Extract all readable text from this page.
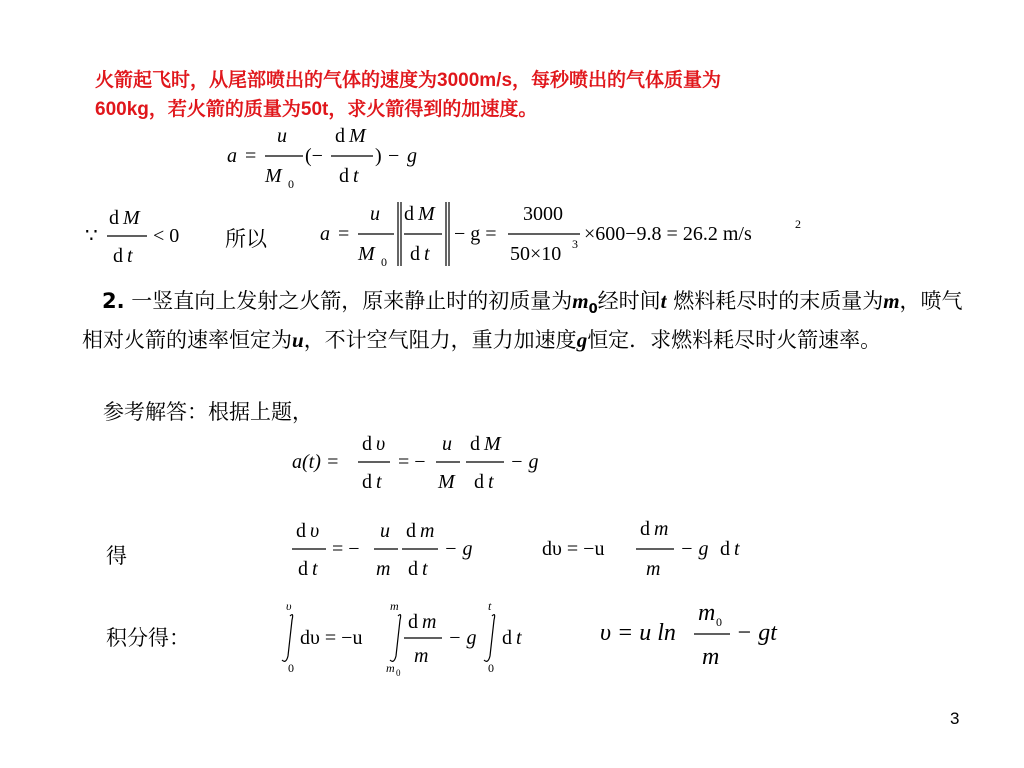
火箭起飞时，从尾部喷出的气体的速度为3000m/s，每秒喷出的气体质量为
600kg，若火箭的质量为50t，求火箭得到的加速度。
a =
u
M 0
(−
d M
d t
) − g
∵
d M
d t
< 0 所以	a =
u
M 0
d M
d t
− g =
3000
50×10 3 ×600−9.8 = 26.2 m/s	2
2. 一竖直向上发射之火箭，原来静止时的初质量为$m_0$经时间t 燃料耗尽时的末质量为m，喷气相对火箭的速率恒定为u，不计空气阻力，重力加速度g恒定．求燃料耗尽时火箭速率。
参考解答：根据上题，
a(t) =
d υ
d t
= −
u
M
d M
d t
− g
得
d υ
d t
= −
u
m
d m
d t
− g	dυ = −u
d m
m
− g d t
积分得：
υ
0
dυ = −u
m
m 0
d m
m
− g
t
0
d t	υ = u ln
m 0
m
− gt
3
